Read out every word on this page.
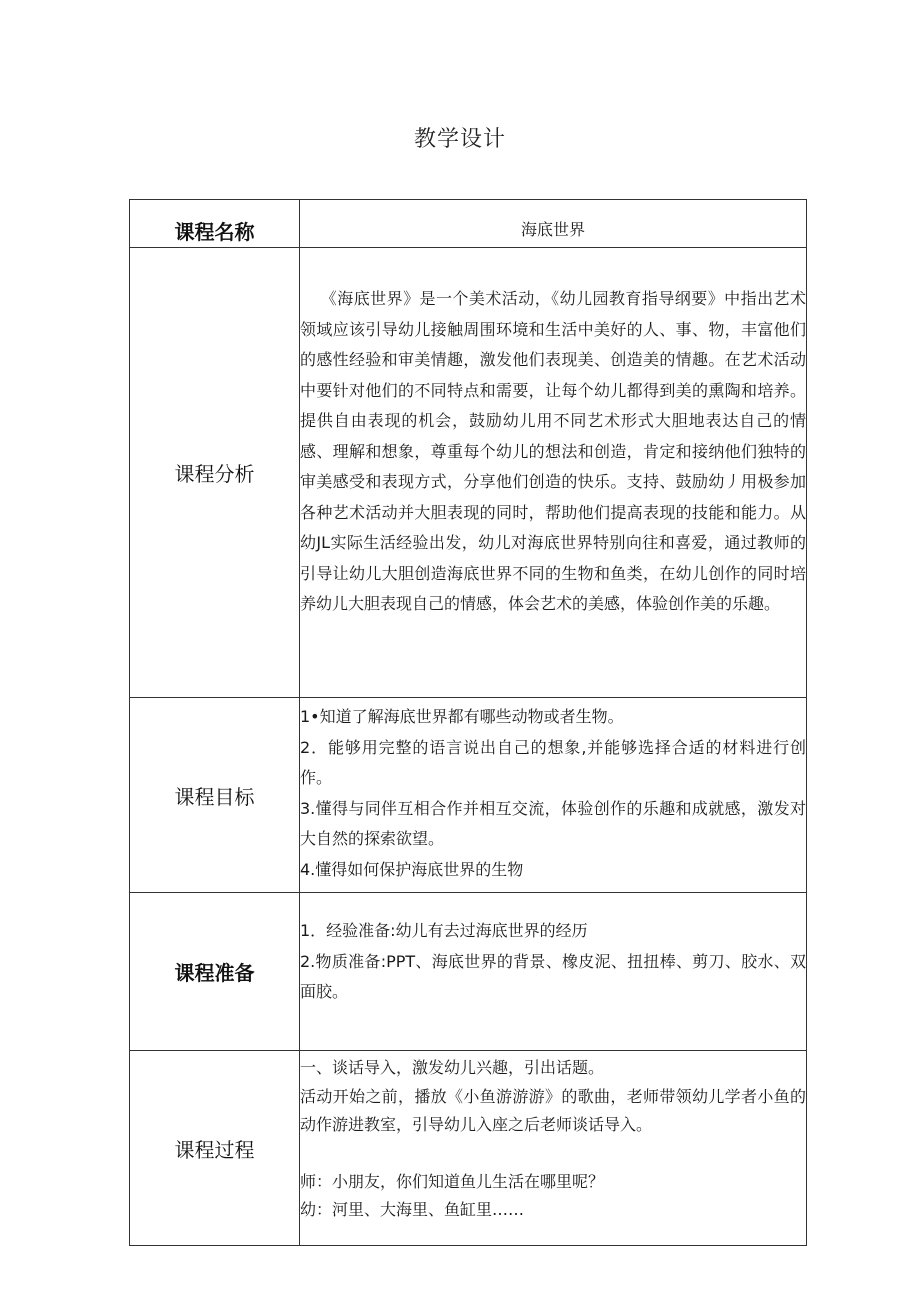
教学设计
课程名称	海底世界
课程分析	《海底世界》是一个美术活动，《幼儿园教育指导纲要》中指出艺术领域应该引导幼儿接触周围环境和生活中美好的人、事、物，丰富他们的感性经验和审美情趣，激发他们表现美、创造美的情趣。在艺术活动中要针对他们的不同特点和需要，让每个幼儿都得到美的熏陶和培养。提供自由表现的机会，鼓励幼儿用不同艺术形式大胆地表达自己的情感、理解和想象，尊重每个幼儿的想法和创造，肯定和接纳他们独特的审美感受和表现方式，分享他们创造的快乐。支持、鼓励幼丿用极参加各种艺术活动并大胆表现的同时，帮助他们提高表现的技能和能力。从幼JL实际生活经验出发，幼儿对海底世界特别向往和喜爱，通过教师的引导让幼儿大胆创造海底世界不同的生物和鱼类，在幼儿创作的同时培养幼儿大胆表现自己的情感，体会艺术的美感，体验创作美的乐趣。

课程目标	1•知道了解海底世界都有哪些动物或者生物。

2．能够用完整的语言说出自己的想象,并能够选择合适的材料进行创作。

3.懂得与同伴互相合作并相互交流，体验创作的乐趣和成就感，激发对大自然的探索欲望。

4.懂得如何保护海底世界的生物

课程准备	1．经验准备:幼儿有去过海底世界的经历

2.物质准备:PPT、海底世界的背景、橡皮泥、扭扭棒、剪刀、胶水、双面胶。

课程过程	一、谈话导入，激发幼儿兴趣，引出话题。

活动开始之前，播放《小鱼游游游》的歌曲，老师带领幼儿学者小鱼的动作游进教室，引导幼儿入座之后老师谈话导入。

师：小朋友，你们知道鱼儿生活在哪里呢？

幼：河里、大海里、鱼缸里……
